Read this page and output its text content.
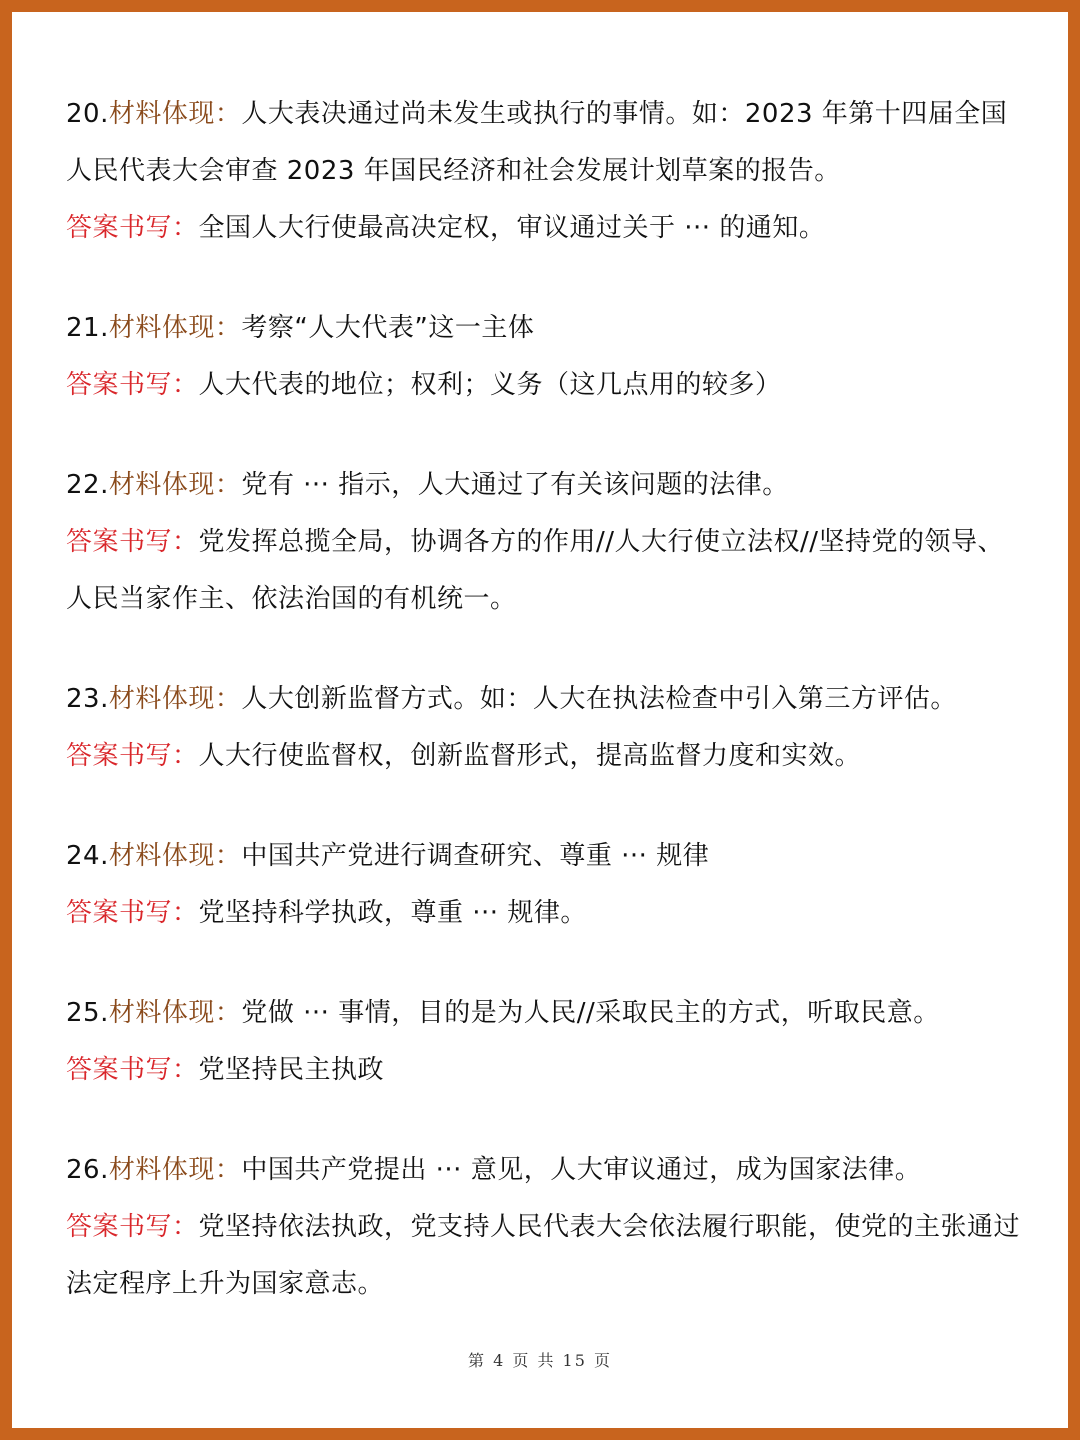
20.材料体现：人大表决通过尚未发生或执行的事情。如：2023 年第十四届全国人民代表大会审查 2023 年国民经济和社会发展计划草案的报告。
答案书写：全国人大行使最高决定权，审议通过关于 ··· 的通知。
21.材料体现：考察“人大代表”这一主体
答案书写：人大代表的地位；权利；义务（这几点用的较多）
22.材料体现：党有 ··· 指示，人大通过了有关该问题的法律。
答案书写：党发挥总揽全局，协调各方的作用//人大行使立法权//坚持党的领导、人民当家作主、依法治国的有机统一。
23.材料体现：人大创新监督方式。如：人大在执法检查中引入第三方评估。
答案书写：人大行使监督权，创新监督形式，提高监督力度和实效。
24.材料体现：中国共产党进行调查研究、尊重 ··· 规律
答案书写：党坚持科学执政，尊重 ··· 规律。
25.材料体现：党做 ··· 事情，目的是为人民//采取民主的方式，听取民意。
答案书写：党坚持民主执政
26.材料体现：中国共产党提出 ··· 意见，人大审议通过，成为国家法律。
答案书写：党坚持依法执政，党支持人民代表大会依法履行职能，使党的主张通过法定程序上升为国家意志。
第 4 页 共 15 页
